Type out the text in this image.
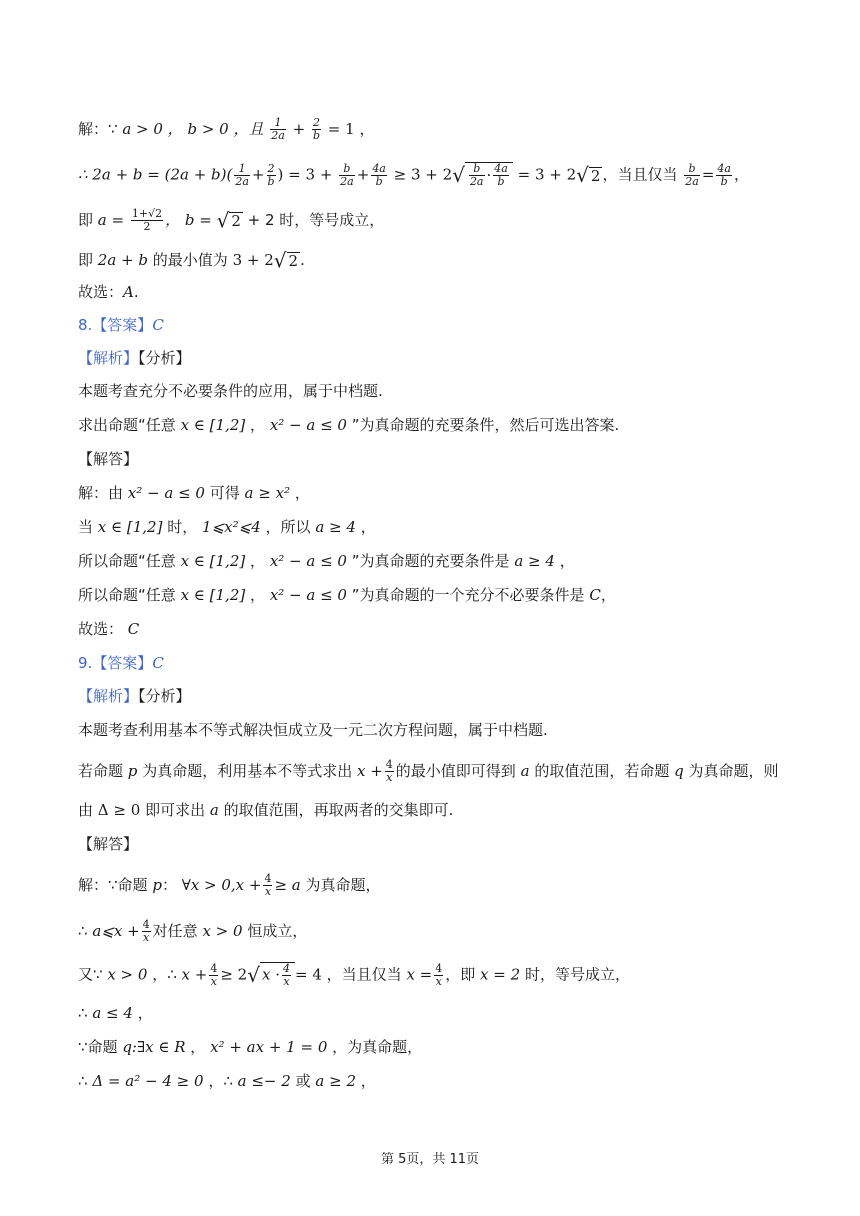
解：∵ a > 0 ， b > 0 ，且 $\frac{1}{2a} + \frac{2}{b} = 1$ ，
∴ $2a + b = (2a + b)( \frac{1}{2a} + \frac{2}{b}$ ) = $3 + \frac{b}{2a} + \frac{4a}{b} \ge 3 + 2√ \frac{b}{2a} \cdot \frac{4a}{b} = 3 + 2√$ 2 ，当且仅当 $\frac{b}{2a} = \frac{4a}{b}$ ，
即 $a = \frac{1+√2}{2}$ ， b = √ 2 + 2 时，等号成立，
即 2a + b 的最小值为 3 + 2√ 2 .
故选：A.
8.【答案】C
【解析】【分析】
本题考查充分不必要条件的应用，属于中档题.
求出命题“任意 x ∈ [1,2] ， x² − a ≤ 0 ”为真命题的充要条件，然后可选出答案.
【解答】
解：由 x² − a ≤ 0 可得 a ≥ x² ，
当 x ∈ [1,2] 时， 1⩽x²⩽4 ，所以 a ≥ 4 ，
所以命题“任意 x ∈ [1,2] ， x² − a ≤ 0 ”为真命题的充要条件是 a ≥ 4 ，
所以命题“任意 x ∈ [1,2] ， x² − a ≤ 0 ”为真命题的一个充分不必要条件是 C，
故选： C
9.【答案】C
【解析】【分析】
本题考查利用基本不等式解决恒成立及一元二次方程问题，属于中档题.
若命题 p 为真命题，利用基本不等式求出 $x + \frac{4}{x}$ 的最小值即可得到 a 的取值范围，若命题 q 为真命题，则
由 Δ ≥ 0 即可求出 a 的取值范围，再取两者的交集即可.
【解答】
解：∵命题 p： ∀x > $0,x + \frac{4}{x} \ge a$ 为真命题，
∴ a⩽x + $\frac{4}{x}$ 对任意 x > 0 恒成立，
又∵ x > 0 ，∴ $x + \frac{4}{x} \ge 2√$ $x \cdot \frac{4}{x} = 4$ ，当且仅当 $x = \frac{4}{x}$ ，即 x = 2 时，等号成立，
∴ a ≤ 4 ，
∵命题 q:∃x ∈ R ， x² + ax + 1 = 0 ，为真命题，
∴ Δ = a² − 4 ≥ 0 ，∴ a ≤− 2 或 a ≥ 2 ，
第 5页，共 11页
